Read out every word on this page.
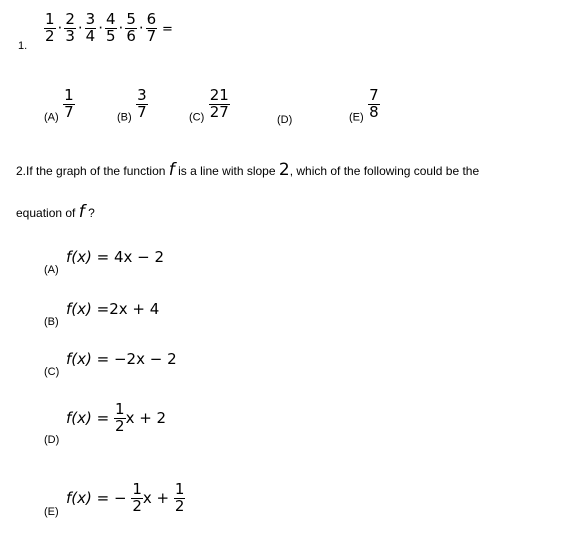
1.
$\frac{1}{2} \cdot \frac{2}{3} \cdot \frac{3}{4} \cdot \frac{4}{5} \cdot \frac{5}{6} \cdot \frac{6}{7}$ =
$_{(A)} \frac{1}{7}$	$_{(B)} \frac{3}{7}$	$_{(C)} \frac{21}{27}$	(D)	$_{(E)} \frac{7}{8}$
2.If the graph of the function f is a line with slope 2, which of the following could be the
equation of f ?
(A)
f(x) = 4x − 2
(B)
f(x) =2x + 4
(C)
f(x) = −2x − 2
(D)
$f(x) = \frac{1}{2}$ x + 2
(E)
f(x) = − $\frac{1}{2}$ $x + \frac{1}{2}$
